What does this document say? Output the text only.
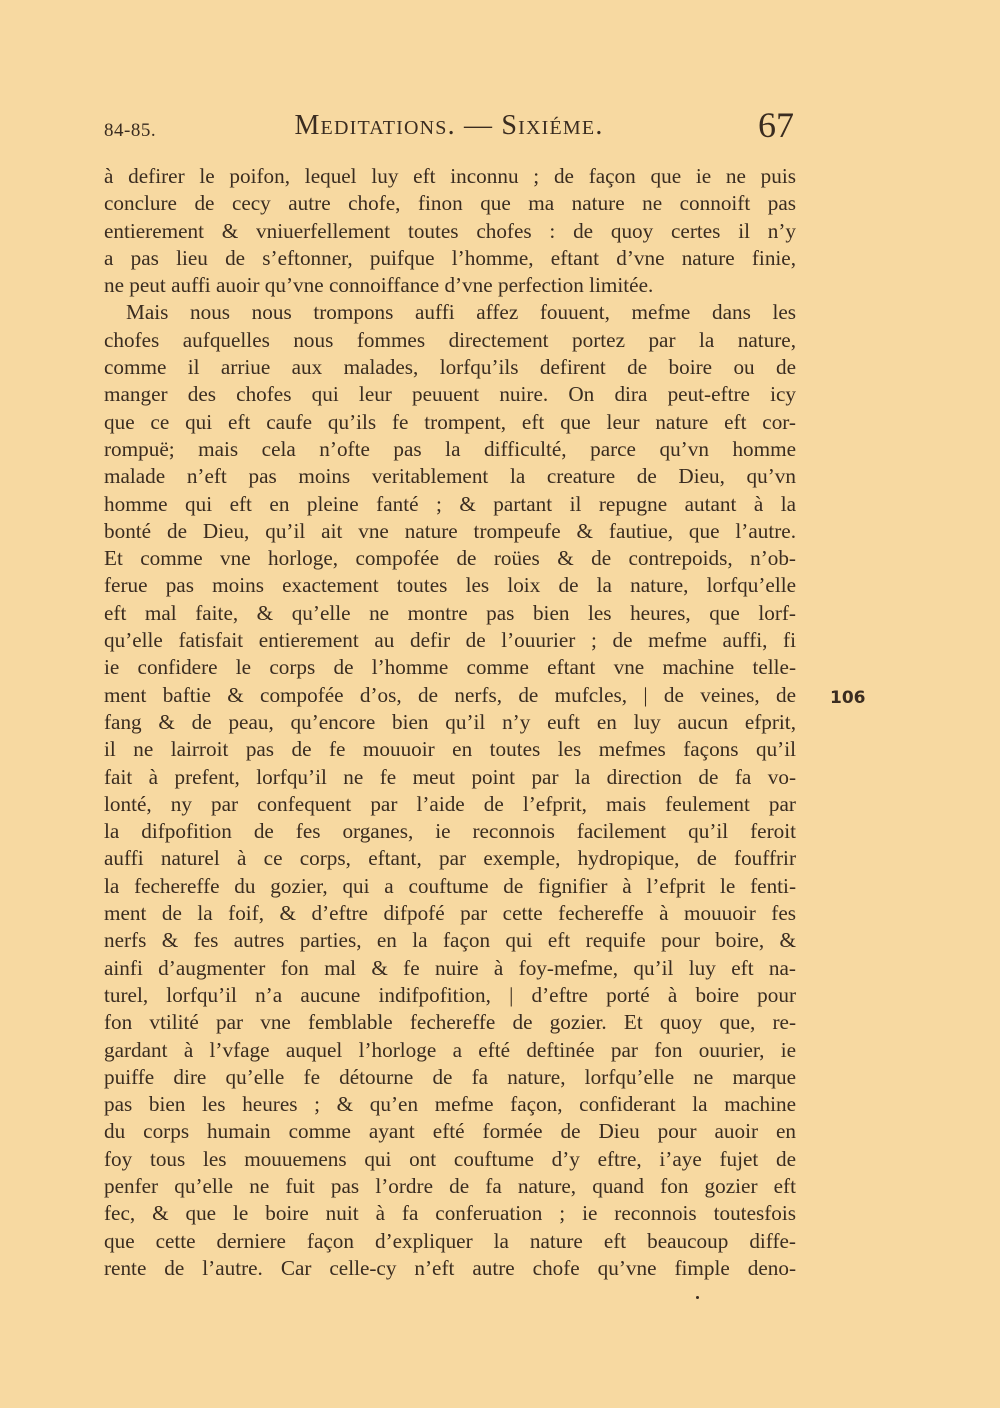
84-85.	Meditations. — Sixiéme.	67
à defirer le poifon, lequel luy eft inconnu ; de façon que ie ne puis
conclure de cecy autre chofe, finon que ma nature ne connoift pas
entierement & vniuerfellement toutes chofes : de quoy certes il n’y
a pas lieu de s’eftonner, puifque l’homme, eftant d’vne nature finie,
ne peut auffi auoir qu’vne connoiffance d’vne perfection limitée.
Mais nous nous trompons auffi affez fouuent, mefme dans les
chofes aufquelles nous fommes directement portez par la nature,
comme il arriue aux malades, lorfqu’ils defirent de boire ou de
manger des chofes qui leur peuuent nuire. On dira peut-eftre icy
que ce qui eft caufe qu’ils fe trompent, eft que leur nature eft cor-
rompuë; mais cela n’ofte pas la difficulté, parce qu’vn homme
malade n’eft pas moins veritablement la creature de Dieu, qu’vn
homme qui eft en pleine fanté ; & partant il repugne autant à la
bonté de Dieu, qu’il ait vne nature trompeufe & fautiue, que l’autre.
Et comme vne horloge, compofée de roües & de contrepoids, n’ob-
ferue pas moins exactement toutes les loix de la nature, lorfqu’elle
eft mal faite, & qu’elle ne montre pas bien les heures, que lorf-
qu’elle fatisfait entierement au defir de l’ouurier ; de mefme auffi, fi
ie confidere le corps de l’homme comme eftant vne machine telle-
ment baftie & compofée d’os, de nerfs, de mufcles, | de veines, de
fang & de peau, qu’encore bien qu’il n’y euft en luy aucun efprit,
il ne lairroit pas de fe mouuoir en toutes les mefmes façons qu’il
fait à prefent, lorfqu’il ne fe meut point par la direction de fa vo-
lonté, ny par confequent par l’aide de l’efprit, mais feulement par
la difpofition de fes organes, ie reconnois facilement qu’il feroit
auffi naturel à ce corps, eftant, par exemple, hydropique, de fouffrir
la fechereffe du gozier, qui a couftume de fignifier à l’efprit le fenti-
ment de la foif, & d’eftre difpofé par cette fechereffe à mouuoir fes
nerfs & fes autres parties, en la façon qui eft requife pour boire, &
ainfi d’augmenter fon mal & fe nuire à foy-mefme, qu’il luy eft na-
turel, lorfqu’il n’a aucune indifpofition, | d’eftre porté à boire pour
fon vtilité par vne femblable fechereffe de gozier. Et quoy que, re-
gardant à l’vfage auquel l’horloge a efté deftinée par fon ouurier, ie
puiffe dire qu’elle fe détourne de fa nature, lorfqu’elle ne marque
pas bien les heures ; & qu’en mefme façon, confiderant la machine
du corps humain comme ayant efté formée de Dieu pour auoir en
foy tous les mouuemens qui ont couftume d’y eftre, i’aye fujet de
penfer qu’elle ne fuit pas l’ordre de fa nature, quand fon gozier eft
fec, & que le boire nuit à fa conferuation ; ie reconnois toutesfois
que cette derniere façon d’expliquer la nature eft beaucoup diffe-
rente de l’autre. Car celle-cy n’eft autre chofe qu’vne fimple deno-
106
